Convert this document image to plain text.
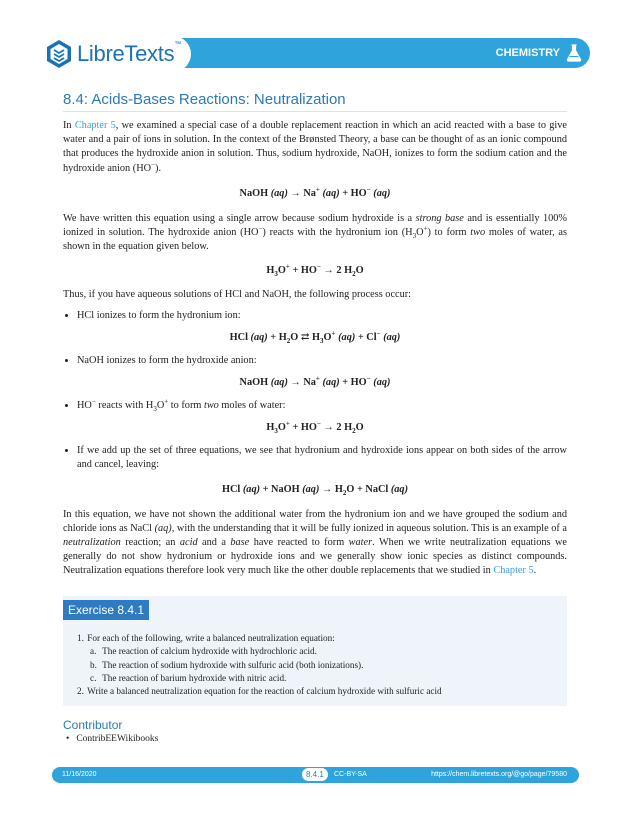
LibreTexts™
CHEMISTRY
8.4: Acids-Bases Reactions: Neutralization

In Chapter 5, we examined a special case of a double replacement reaction in which an acid reacted with a base to give water and a pair of ions in solution. In the context of the Brønsted Theory, a base can be thought of as an ionic compound that produces the hydroxide anion in solution. Thus, sodium hydroxide, NaOH, ionizes to form the sodium cation and the hydroxide anion (HO−).

NaOH (aq) → Na+ (aq) + HO− (aq)

We have written this equation using a single arrow because sodium hydroxide is a strong base and is essentially 100% ionized in solution. The hydroxide anion (HO−) reacts with the hydronium ion $(H_3O^+)$ to form two moles of water, as shown in the equation given below.

$H_3O^+ + HO^- \to 2$ $H_2O$

Thus, if you have aqueous solutions of HCl and NaOH, the following process occur:

• HCl ionizes to form the hydronium ion:
HCl $(aq) + H_2O$ ⇄ $H_3O^+$ (aq) + Cl− (aq)
• NaOH ionizes to form the hydroxide anion:
NaOH (aq) → Na+ (aq) + HO− (aq)
• HO− reacts with $H_3O^+$ to form two moles of water:
$H_3O^+ + HO^- \to 2$ $H_2O$
• If we add up the set of three equations, we see that hydronium and hydroxide ions appear on both sides of the arrow and cancel, leaving:
HCl (aq) + NaOH $(aq) \to H_2O$ + NaCl (aq)

In this equation, we have not shown the additional water from the hydronium ion and we have grouped the sodium and chloride ions as NaCl (aq), with the understanding that it will be fully ionized in aqueous solution. This is an example of a neutralization reaction; an acid and a base have reacted to form water. When we write neutralization equations we generally do not show hydronium or hydroxide ions and we generally show ionic species as distinct compounds. Neutralization equations therefore look very much like the other double replacements that we studied in Chapter 5.

Exercise 8.4.1
1. For each of the following, write a balanced neutralization equation:
a. The reaction of calcium hydroxide with hydrochloric acid.
b. The reaction of sodium hydroxide with sulfuric acid (both ionizations).
c. The reaction of barium hydroxide with nitric acid.
2. Write a balanced neutralization equation for the reaction of calcium hydroxide with sulfuric acid
Contributor
• ContribEEWikibooks
11/16/2020	8.4.1	CC-BY-SA	https://chem.libretexts.org/@go/page/79580
